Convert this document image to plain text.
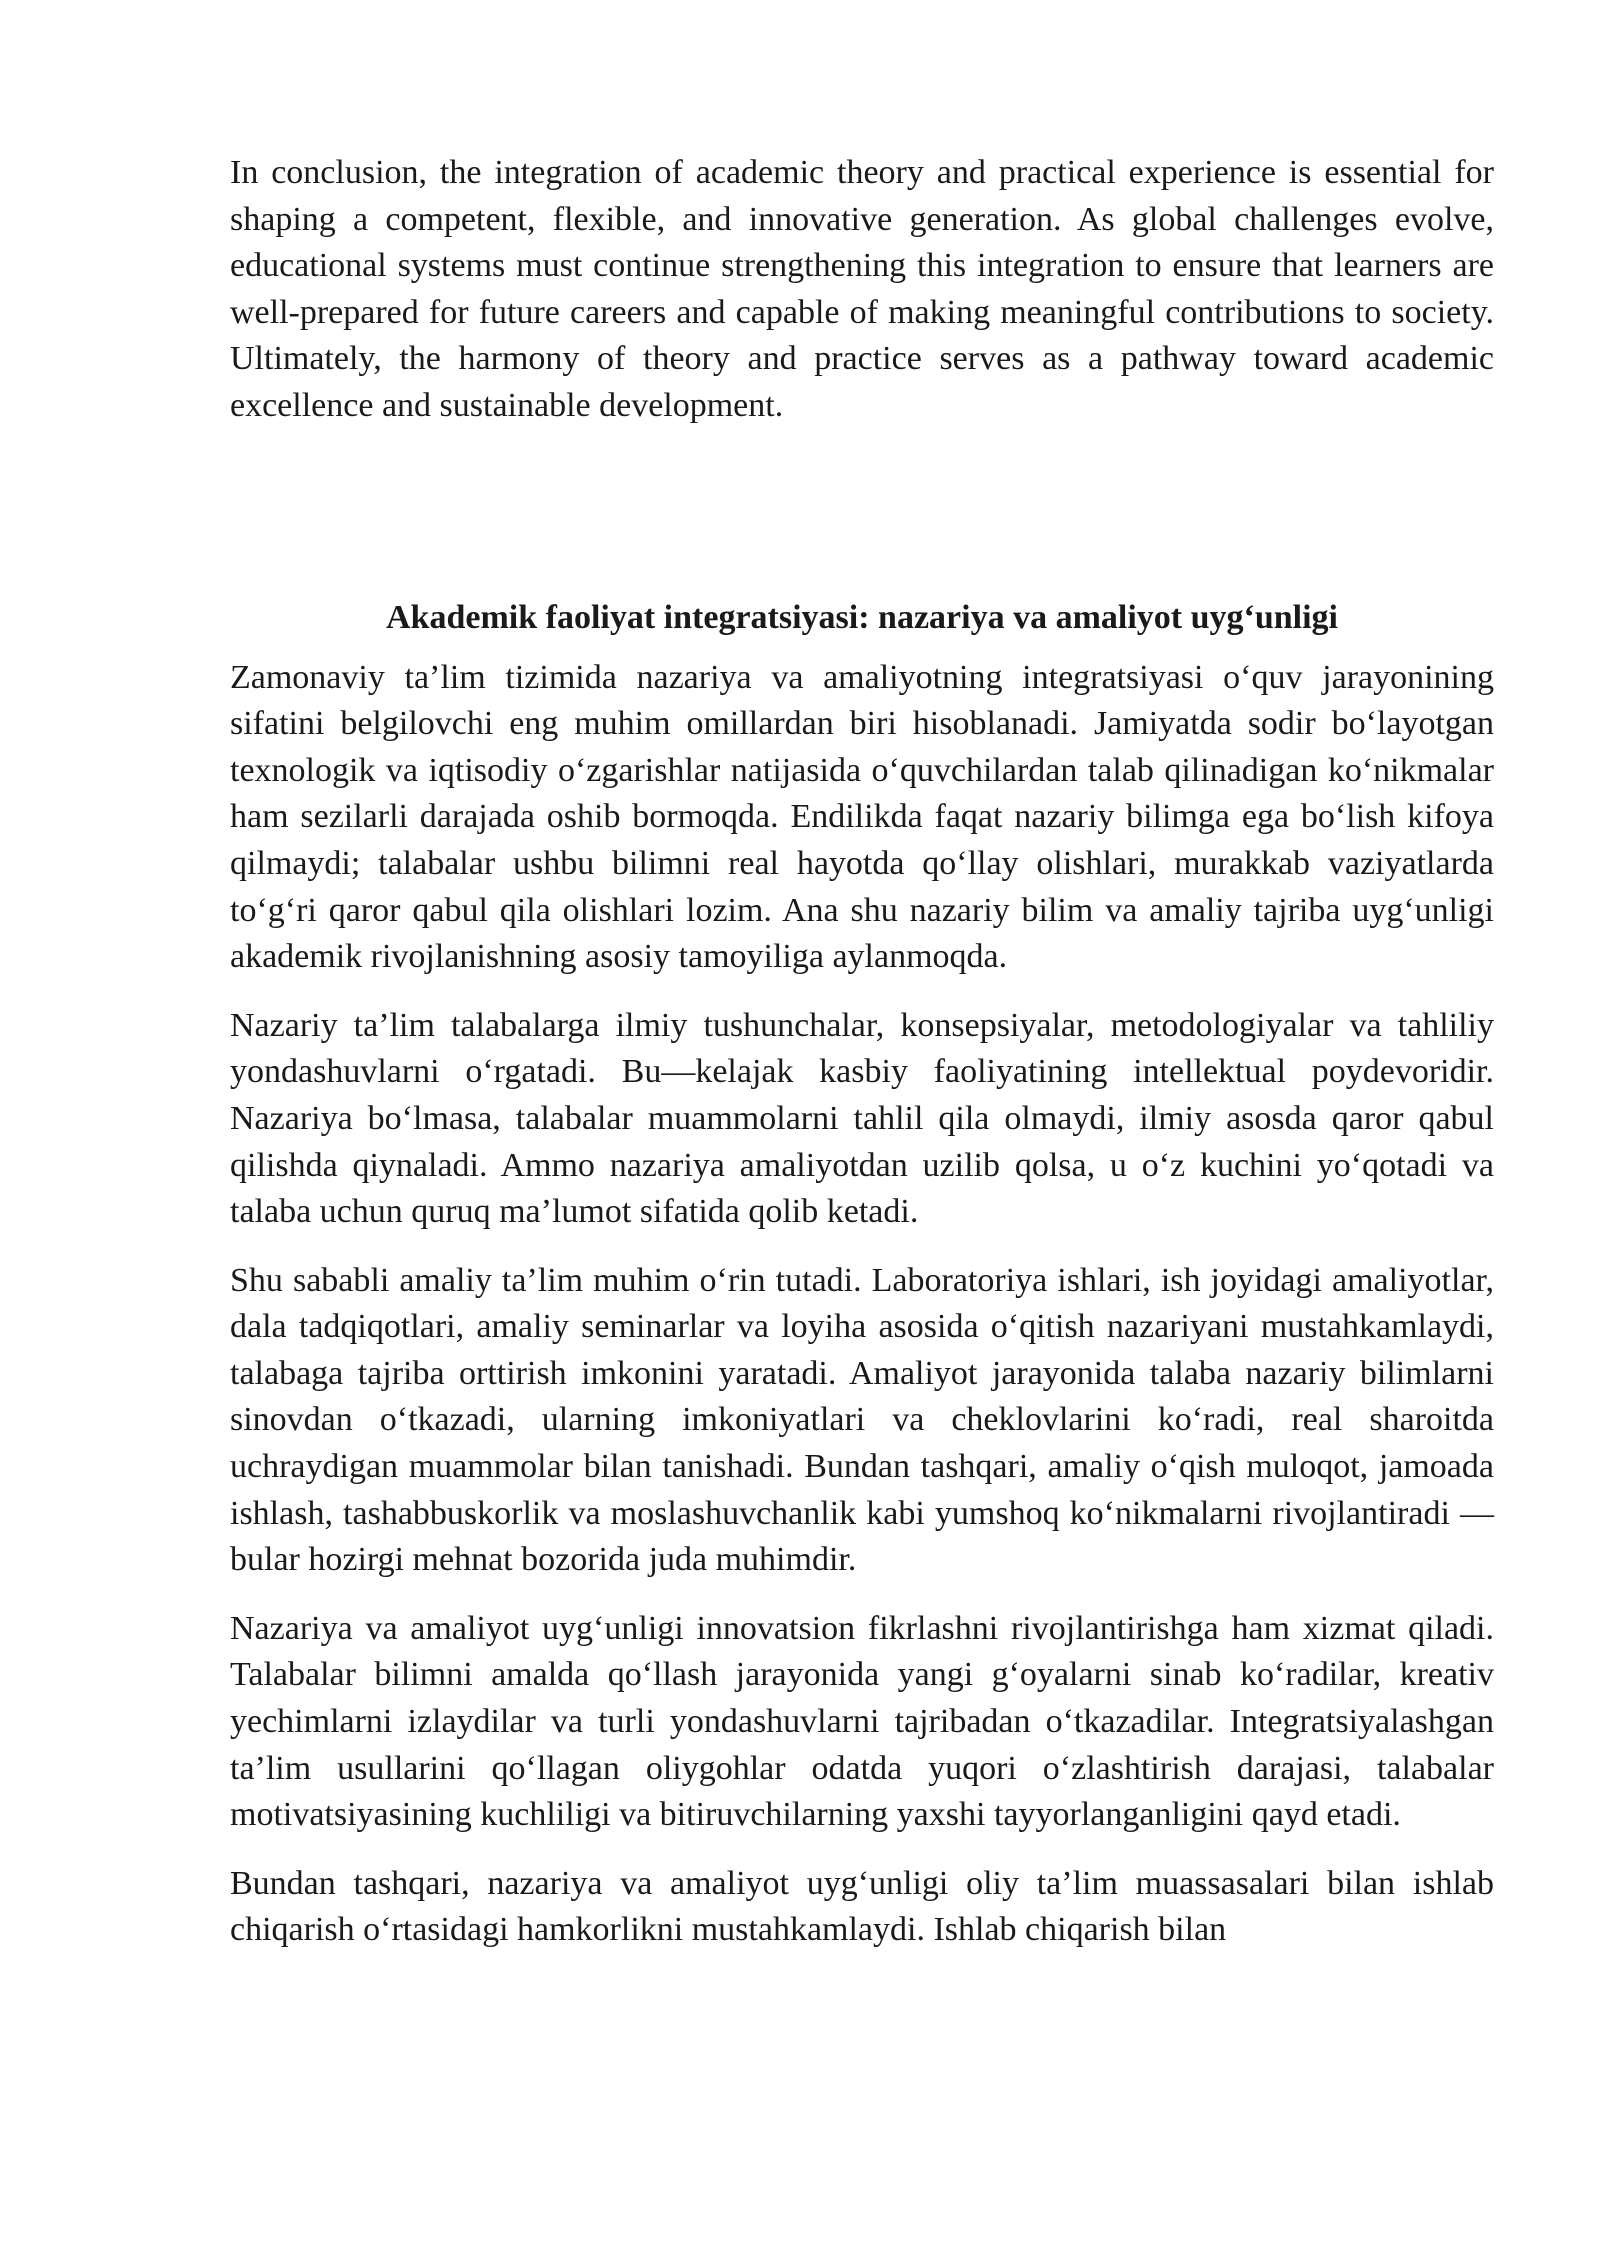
In conclusion, the integration of academic theory and practical experience is essential for shaping a competent, flexible, and innovative generation. As global challenges evolve, educational systems must continue strengthening this integration to ensure that learners are well-prepared for future careers and capable of making meaningful contributions to society. Ultimately, the harmony of theory and practice serves as a pathway toward academic excellence and sustainable development.

Akademik faoliyat integratsiyasi: nazariya va amaliyot uyg‘unligi

Zamonaviy ta’lim tizimida nazariya va amaliyotning integratsiyasi o‘quv jarayonining sifatini belgilovchi eng muhim omillardan biri hisoblanadi. Jamiyatda sodir bo‘layotgan texnologik va iqtisodiy o‘zgarishlar natijasida o‘quvchilardan talab qilinadigan ko‘nikmalar ham sezilarli darajada oshib bormoqda. Endilikda faqat nazariy bilimga ega bo‘lish kifoya qilmaydi; talabalar ushbu bilimni real hayotda qo‘llay olishlari, murakkab vaziyatlarda to‘g‘ri qaror qabul qila olishlari lozim. Ana shu nazariy bilim va amaliy tajriba uyg‘unligi akademik rivojlanishning asosiy tamoyiliga aylanmoqda.

Nazariy ta’lim talabalarga ilmiy tushunchalar, konsepsiyalar, metodologiyalar va tahliliy yondashuvlarni o‘rgatadi. Bu—kelajak kasbiy faoliyatining intellektual poydevoridir. Nazariya bo‘lmasa, talabalar muammolarni tahlil qila olmaydi, ilmiy asosda qaror qabul qilishda qiynaladi. Ammo nazariya amaliyotdan uzilib qolsa, u o‘z kuchini yo‘qotadi va talaba uchun quruq ma’lumot sifatida qolib ketadi.

Shu sababli amaliy ta’lim muhim o‘rin tutadi. Laboratoriya ishlari, ish joyidagi amaliyotlar, dala tadqiqotlari, amaliy seminarlar va loyiha asosida o‘qitish nazariyani mustahkamlaydi, talabaga tajriba orttirish imkonini yaratadi. Amaliyot jarayonida talaba nazariy bilimlarni sinovdan o‘tkazadi, ularning imkoniyatlari va cheklovlarini ko‘radi, real sharoitda uchraydigan muammolar bilan tanishadi. Bundan tashqari, amaliy o‘qish muloqot, jamoada ishlash, tashabbuskorlik va moslashuvchanlik kabi yumshoq ko‘nikmalarni rivojlantiradi — bular hozirgi mehnat bozorida juda muhimdir.

Nazariya va amaliyot uyg‘unligi innovatsion fikrlashni rivojlantirishga ham xizmat qiladi. Talabalar bilimni amalda qo‘llash jarayonida yangi g‘oyalarni sinab ko‘radilar, kreativ yechimlarni izlaydilar va turli yondashuvlarni tajribadan o‘tkazadilar. Integratsiyalashgan ta’lim usullarini qo‘llagan oliygohlar odatda yuqori o‘zlashtirish darajasi, talabalar motivatsiyasining kuchliligi va bitiruvchilarning yaxshi tayyorlanganligini qayd etadi.

Bundan tashqari, nazariya va amaliyot uyg‘unligi oliy ta’lim muassasalari bilan ishlab chiqarish o‘rtasidagi hamkorlikni mustahkamlaydi. Ishlab chiqarish bilan
